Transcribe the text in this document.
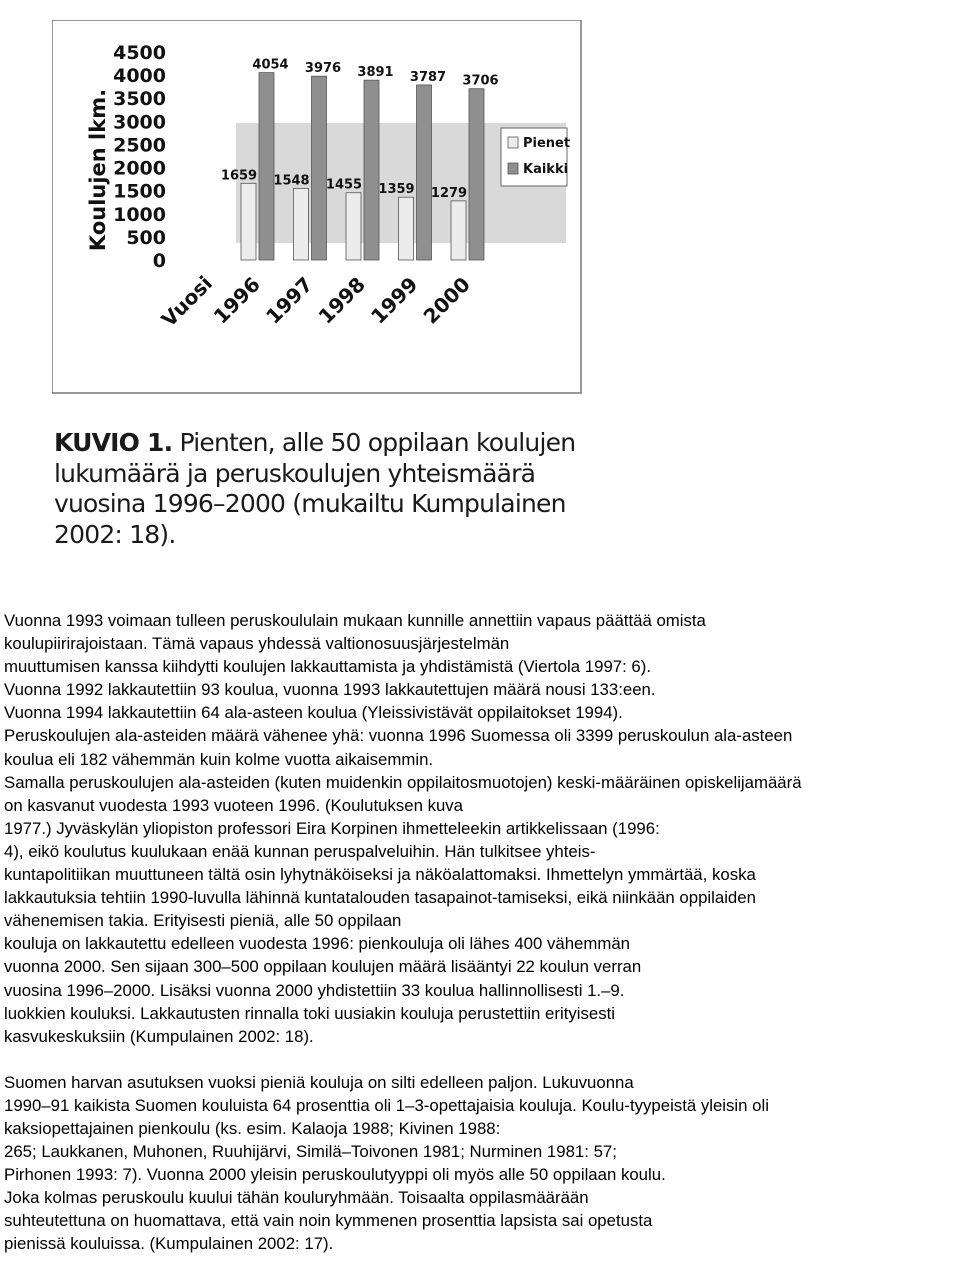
Koulujen lkm.
0
500
1000
1500
2000
2500
3000
3500
4000
4500
1659
4054
1548
3976
1455
3891
1359
3787
1279
3706
Vuosi
1996
1997
1998
1999
2000
Pienet
Kaikki
KUVIO 1. Pienten, alle 50 oppilaan koulujen
lukumäärä ja peruskoulujen yhteismäärä
vuosina 1996–2000 (mukailtu Kumpulainen
2002: 18).
Vuonna 1993 voimaan tulleen peruskoululain mukaan kunnille annettiin vapaus päättää omista
koulupiirirajoistaan. Tämä vapaus yhdessä valtionosuusjärjestelmän
muuttumisen kanssa kiihdytti koulujen lakkauttamista ja yhdistämistä (Viertola 1997: 6).
Vuonna 1992 lakkautettiin 93 koulua, vuonna 1993 lakkautettujen määrä nousi 133:een.
Vuonna 1994 lakkautettiin 64 ala-asteen koulua (Yleissivistävät oppilaitokset 1994).
Peruskoulujen ala-asteiden määrä vähenee yhä: vuonna 1996 Suomessa oli 3399 peruskoulun ala-asteen
koulua eli 182 vähemmän kuin kolme vuotta aikaisemmin.
Samalla peruskoulujen ala-asteiden (kuten muidenkin oppilaitosmuotojen) keski-määräinen opiskelijamäärä
on kasvanut vuodesta 1993 vuoteen 1996. (Koulutuksen kuva
1977.) Jyväskylän yliopiston professori Eira Korpinen ihmetteleekin artikkelissaan (1996:
4), eikö koulutus kuulukaan enää kunnan peruspalveluihin. Hän tulkitsee yhteis-
kuntapolitiikan muuttuneen tältä osin lyhytnäköiseksi ja näköalattomaksi. Ihmettelyn ymmärtää, koska
lakkautuksia tehtiin 1990-luvulla lähinnä kuntatalouden tasapainot-tamiseksi, eikä niinkään oppilaiden
vähenemisen takia. Erityisesti pieniä, alle 50 oppilaan
kouluja on lakkautettu edelleen vuodesta 1996: pienkouluja oli lähes 400 vähemmän
vuonna 2000. Sen sijaan 300–500 oppilaan koulujen määrä lisääntyi 22 koulun verran
vuosina 1996–2000. Lisäksi vuonna 2000 yhdistettiin 33 koulua hallinnollisesti 1.–9.
luokkien kouluksi. Lakkautusten rinnalla toki uusiakin kouluja perustettiin erityisesti
kasvukeskuksiin (Kumpulainen 2002: 18).
Suomen harvan asutuksen vuoksi pieniä kouluja on silti edelleen paljon. Lukuvuonna
1990–91 kaikista Suomen kouluista 64 prosenttia oli 1–3-opettajaisia kouluja. Koulu-tyypeistä yleisin oli
kaksiopettajainen pienkoulu (ks. esim. Kalaoja 1988; Kivinen 1988:
265; Laukkanen, Muhonen, Ruuhijärvi, Similä–Toivonen 1981; Nurminen 1981: 57;
Pirhonen 1993: 7). Vuonna 2000 yleisin peruskoulutyyppi oli myös alle 50 oppilaan koulu.
Joka kolmas peruskoulu kuului tähän kouluryhmään. Toisaalta oppilasmäärään
suhteutettuna on huomattava, että vain noin kymmenen prosenttia lapsista sai opetusta
pienissä kouluissa. (Kumpulainen 2002: 17).
